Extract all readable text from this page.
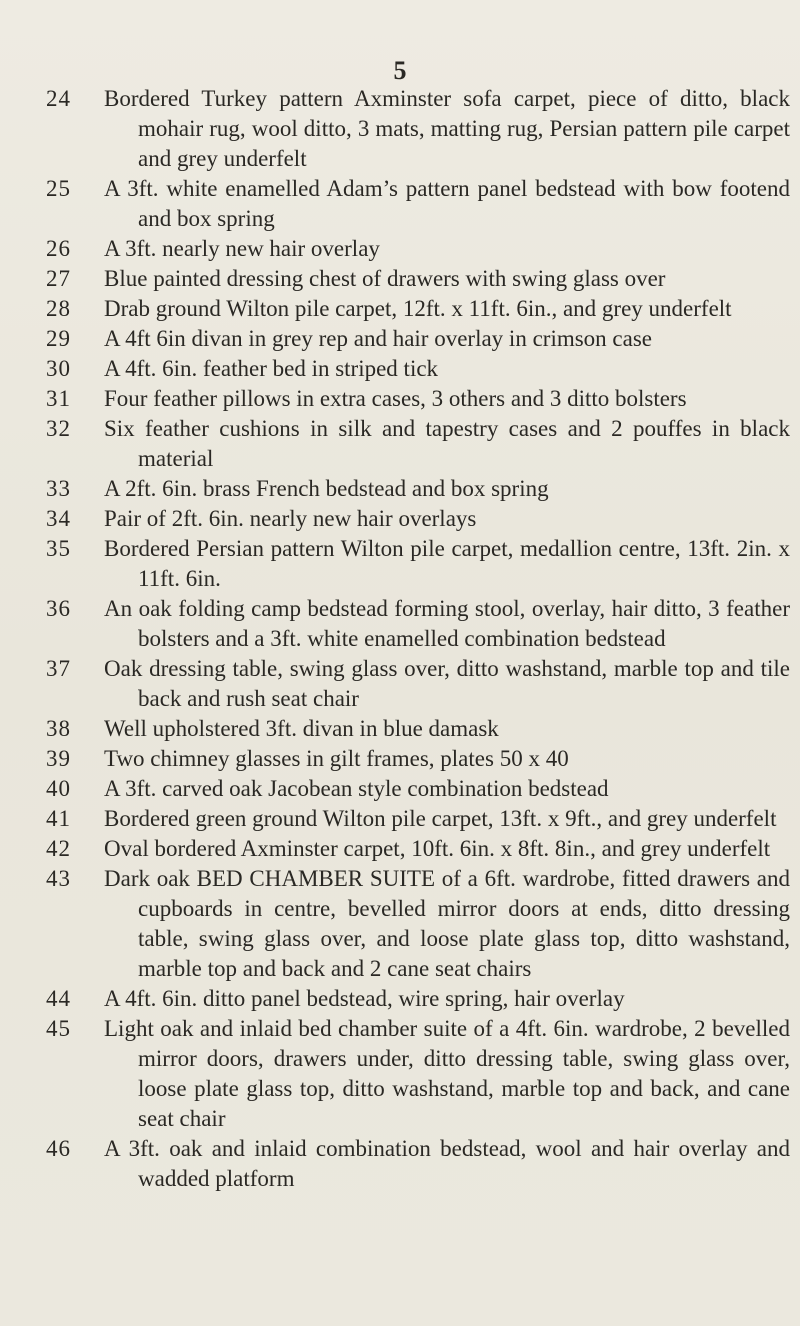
5
24	Bordered Turkey pattern Axminster sofa carpet, piece of ditto, black mohair rug, wool ditto, 3 mats, matting rug, Persian pattern pile carpet and grey underfelt
25	A 3ft. white enamelled Adam’s pattern panel bedstead with bow footend and box spring
26	A 3ft. nearly new hair overlay
27	Blue painted dressing chest of drawers with swing glass over
28	Drab ground Wilton pile carpet, 12ft. x 11ft. 6in., and grey underfelt
29	A 4ft 6in divan in grey rep and hair overlay in crimson case
30	A 4ft. 6in. feather bed in striped tick
31	Four feather pillows in extra cases, 3 others and 3 ditto bolsters
32	Six feather cushions in silk and tapestry cases and 2 pouffes in black material
33	A 2ft. 6in. brass French bedstead and box spring
34	Pair of 2ft. 6in. nearly new hair overlays
35	Bordered Persian pattern Wilton pile carpet, medallion centre, 13ft. 2in. x 11ft. 6in.
36	An oak folding camp bedstead forming stool, overlay, hair ditto, 3 feather bolsters and a 3ft. white enamelled combination bedstead
37	Oak dressing table, swing glass over, ditto washstand, marble top and tile back and rush seat chair
38	Well upholstered 3ft. divan in blue damask
39	Two chimney glasses in gilt frames, plates 50 x 40
40	A 3ft. carved oak Jacobean style combination bedstead
41	Bordered green ground Wilton pile carpet, 13ft. x 9ft., and grey underfelt
42	Oval bordered Axminster carpet, 10ft. 6in. x 8ft. 8in., and grey underfelt
43	Dark oak BED CHAMBER SUITE of a 6ft. wardrobe, fitted drawers and cupboards in centre, bevelled mirror doors at ends, ditto dressing table, swing glass over, and loose plate glass top, ditto washstand, marble top and back and 2 cane seat chairs
44	A 4ft. 6in. ditto panel bedstead, wire spring, hair overlay
45	Light oak and inlaid bed chamber suite of a 4ft. 6in. wardrobe, 2 bevelled mirror doors, drawers under, ditto dressing table, swing glass over, loose plate glass top, ditto washstand, marble top and back, and cane seat chair
46	A 3ft. oak and inlaid combination bedstead, wool and hair overlay and wadded platform
